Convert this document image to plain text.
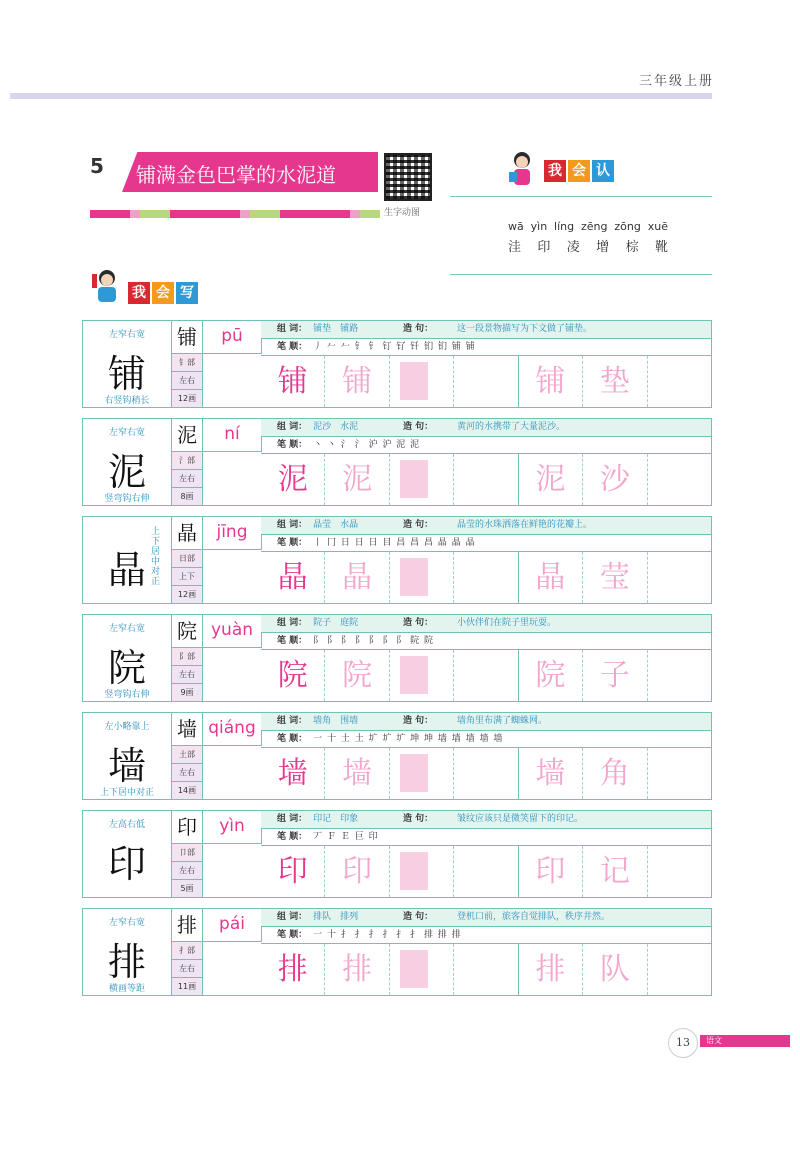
三年级上册
5 铺满金色巴掌的水泥道
生字动图
我 会 认
wā yìn líng zēng zōng xuē
洼 印 凌 增 棕 靴
我 会 写
左窄右宽
铺
右竖钩稍长
铺
钅部
左右
12画
pū	组 词： 铺垫　铺路	造 句：	这一段景物描写为下文做了铺垫。
笔 顺： 丿 𠂉 𠂉 钅 钅 钉 钌 钎 钔 钔 铺 铺
铺	铺	铺	垫
左窄右宽
泥
竖弯钩右伸
泥
氵部
左右
8画
ní	组 词： 泥沙　水泥	造 句：	黄河的水携带了大量泥沙。
笔 顺： 丶 丶 氵 氵 沪 沪 泥 泥
泥	泥	泥	沙
晶
上下居中对正
晶
日部
上下
12画
jīng	组 词： 晶莹　水晶	造 句：	晶莹的水珠洒落在鲜艳的花瓣上。
笔 顺： 丨 冂 日 日 日 目 昌 昌 昌 晶 晶 晶
晶	晶	晶	莹
左窄右宽
院
竖弯钩右伸
院
阝部
左右
9画
yuàn	组 词： 院子　庭院	造 句：	小伙伴们在院子里玩耍。
笔 顺： 阝 阝 阝 阝 阝 阝 阝 院 院
院	院	院	子
左小略靠上
墙
上下居中对正
墙
土部
左右
14画
qiáng	组 词： 墙角　围墙	造 句：	墙角里布满了蜘蛛网。
笔 顺： 一 十 土 土 圹 圹 圹 坤 坤 墙 墙 墙 墙 墙
墙	墙	墙	角
左高右低
印
印
卩部
左右
5画
yìn	组 词： 印记　印象	造 句：	皱纹应该只是微笑留下的印记。
笔 顺： 丆 Ｆ Ｅ 巨 印
印	印	印	记
左窄右宽
排
横画等距
排
扌部
左右
11画
pái	组 词： 排队　排列	造 句：	登机口前，旅客自觉排队，秩序井然。
笔 顺： 一 十 扌 扌 扌 扌 扌 扌 排 排 排
排	排	排	队
13	语文
